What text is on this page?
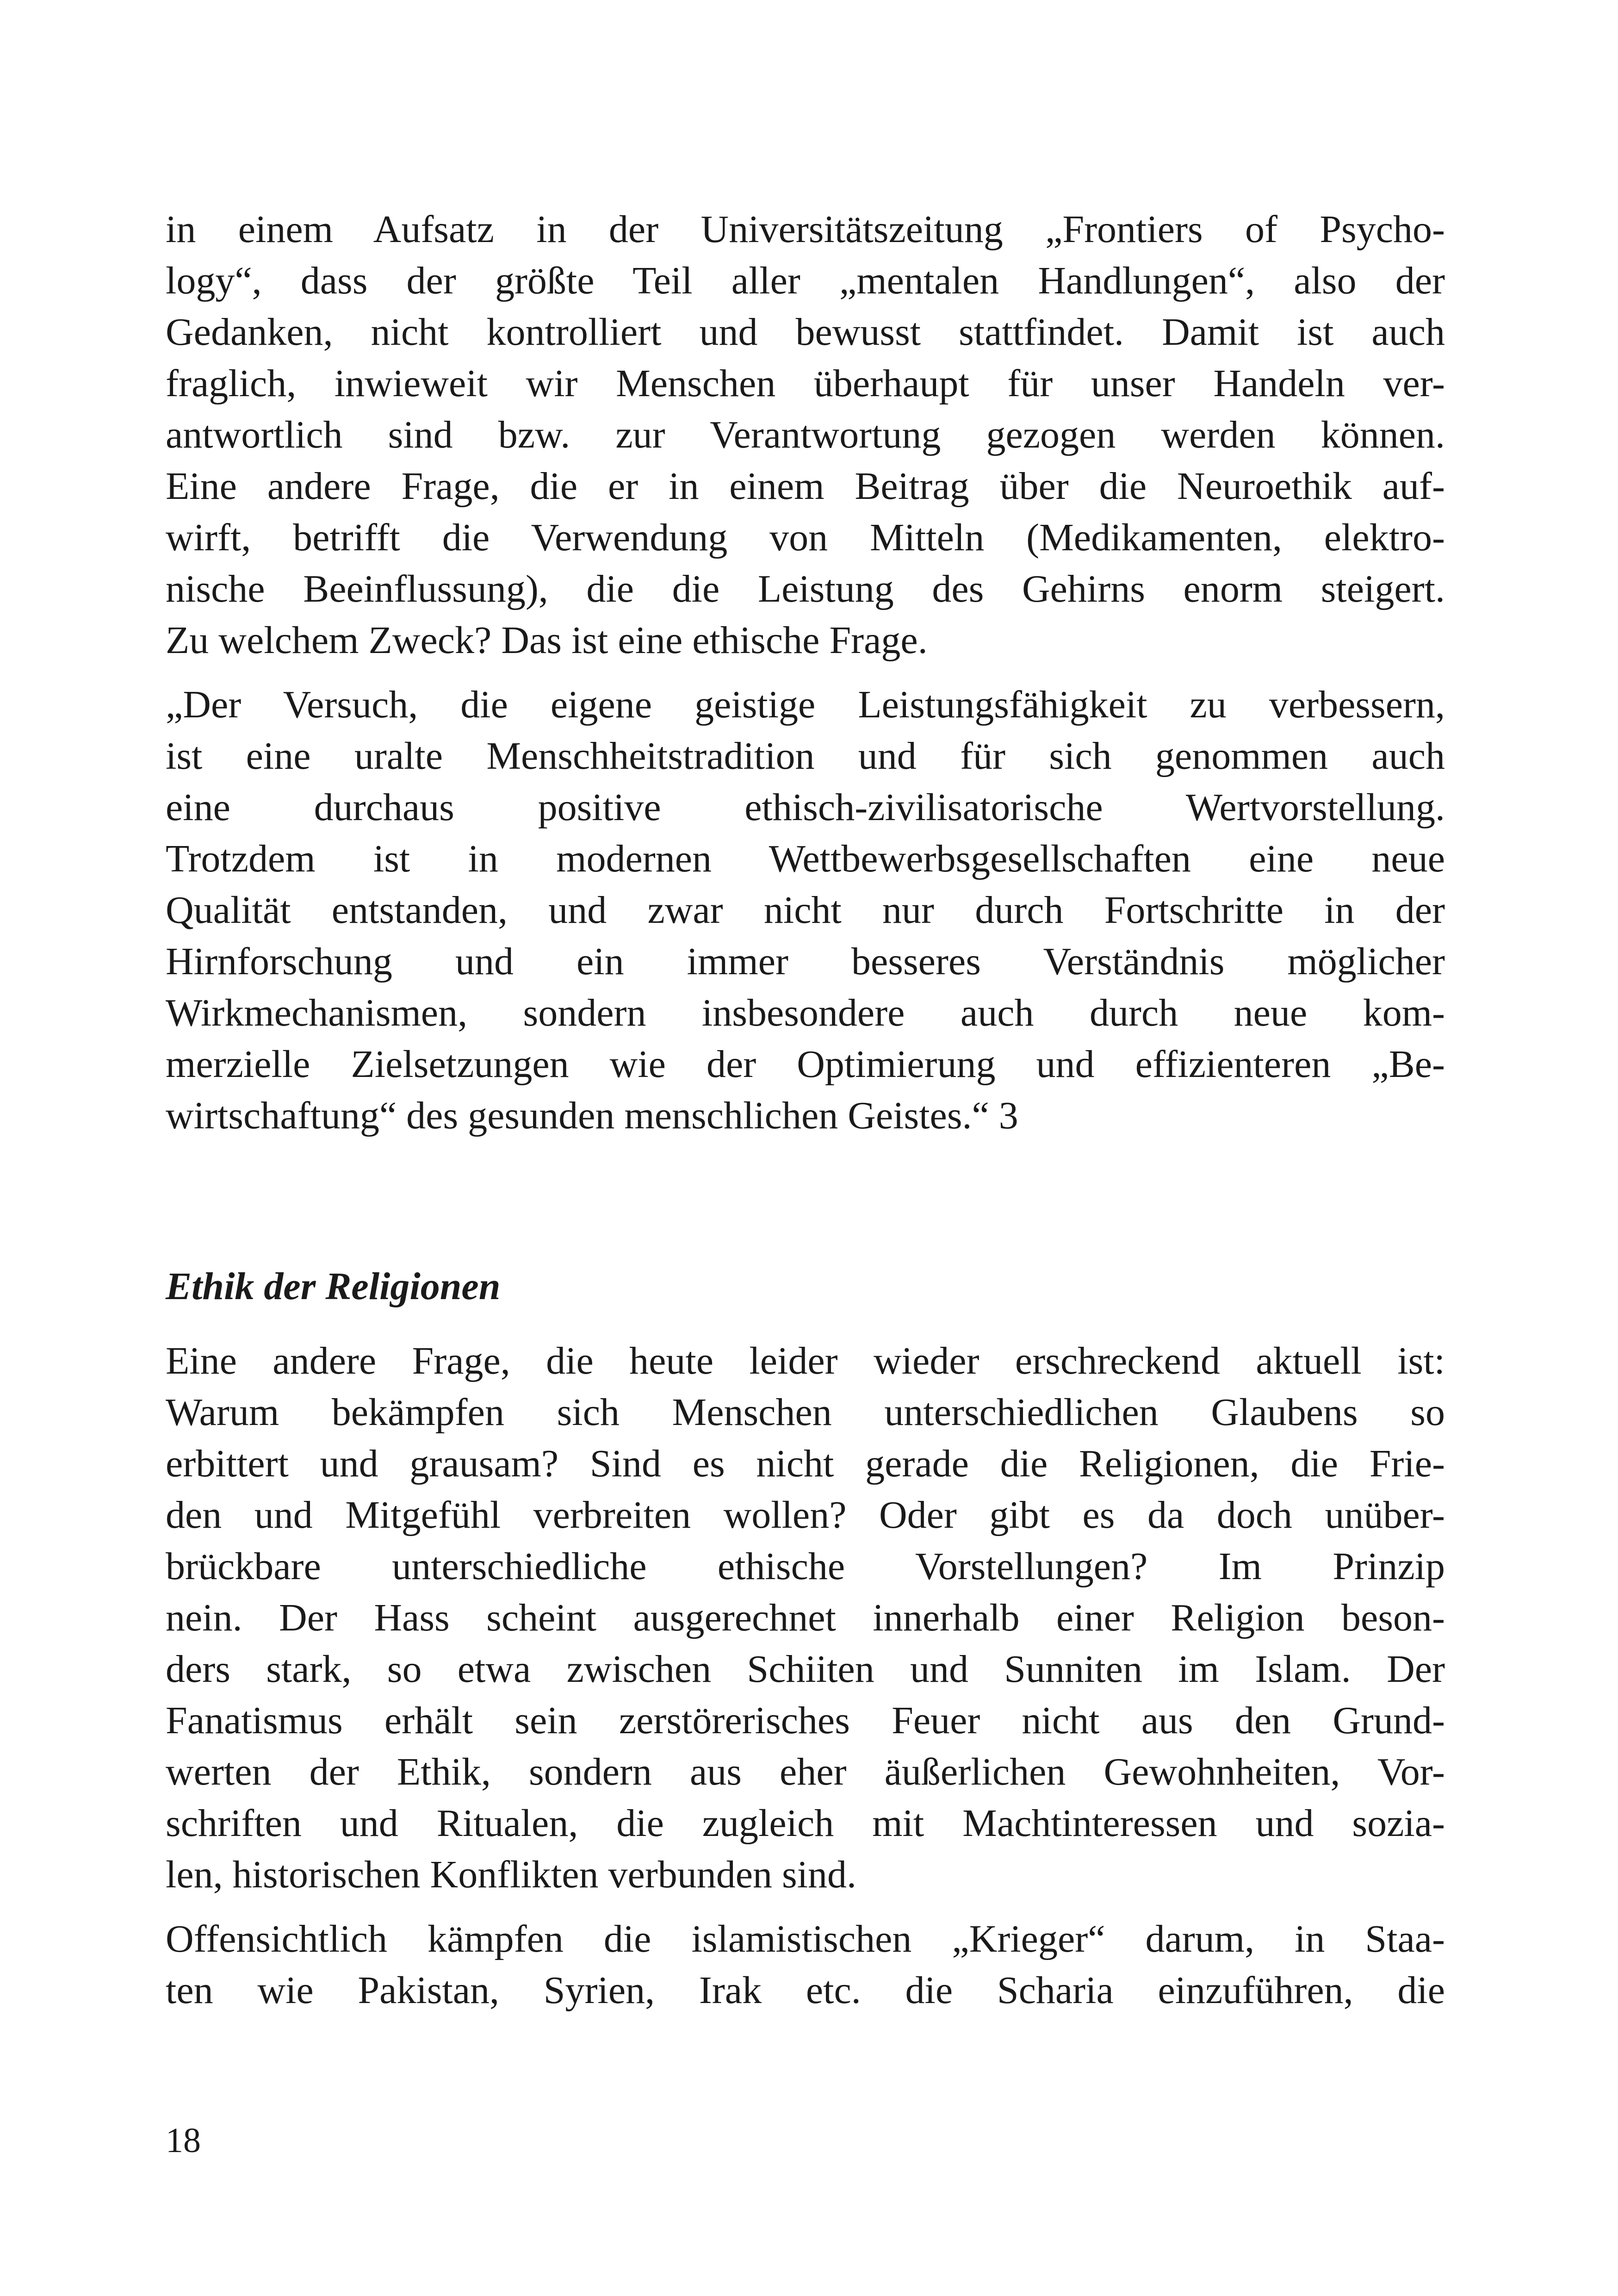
in einem Aufsatz in der Universitätszeitung „Frontiers of Psycho-
logy“, dass der größte Teil aller „mentalen Handlungen“, also der
Gedanken, nicht kontrolliert und bewusst stattfindet. Damit ist auch
fraglich, inwieweit wir Menschen überhaupt für unser Handeln ver-
antwortlich sind bzw. zur Verantwortung gezogen werden können.
Eine andere Frage, die er in einem Beitrag über die Neuroethik auf-
wirft, betrifft die Verwendung von Mitteln (Medikamenten, elektro-
nische Beeinflussung), die die Leistung des Gehirns enorm steigert.
Zu welchem Zweck? Das ist eine ethische Frage.

„Der Versuch, die eigene geistige Leistungsfähigkeit zu verbessern,
ist eine uralte Menschheitstradition und für sich genommen auch
eine durchaus positive ethisch-zivilisatorische Wertvorstellung.
Trotzdem ist in modernen Wettbewerbsgesellschaften eine neue
Qualität entstanden, und zwar nicht nur durch Fortschritte in der
Hirnforschung und ein immer besseres Verständnis möglicher
Wirkmechanismen, sondern insbesondere auch durch neue kom-
merzielle Zielsetzungen wie der Optimierung und effizienteren „Be-
wirtschaftung“ des gesunden menschlichen Geistes.“ 3

Ethik der Religionen

Eine andere Frage, die heute leider wieder erschreckend aktuell ist:
Warum bekämpfen sich Menschen unterschiedlichen Glaubens so
erbittert und grausam? Sind es nicht gerade die Religionen, die Frie-
den und Mitgefühl verbreiten wollen? Oder gibt es da doch unüber-
brückbare unterschiedliche ethische Vorstellungen? Im Prinzip
nein. Der Hass scheint ausgerechnet innerhalb einer Religion beson-
ders stark, so etwa zwischen Schiiten und Sunniten im Islam. Der
Fanatismus erhält sein zerstörerisches Feuer nicht aus den Grund-
werten der Ethik, sondern aus eher äußerlichen Gewohnheiten, Vor-
schriften und Ritualen, die zugleich mit Machtinteressen und sozia-
len, historischen Konflikten verbunden sind.

Offensichtlich kämpfen die islamistischen „Krieger“ darum, in Staa-
ten wie Pakistan, Syrien, Irak etc. die Scharia einzuführen, die

18
